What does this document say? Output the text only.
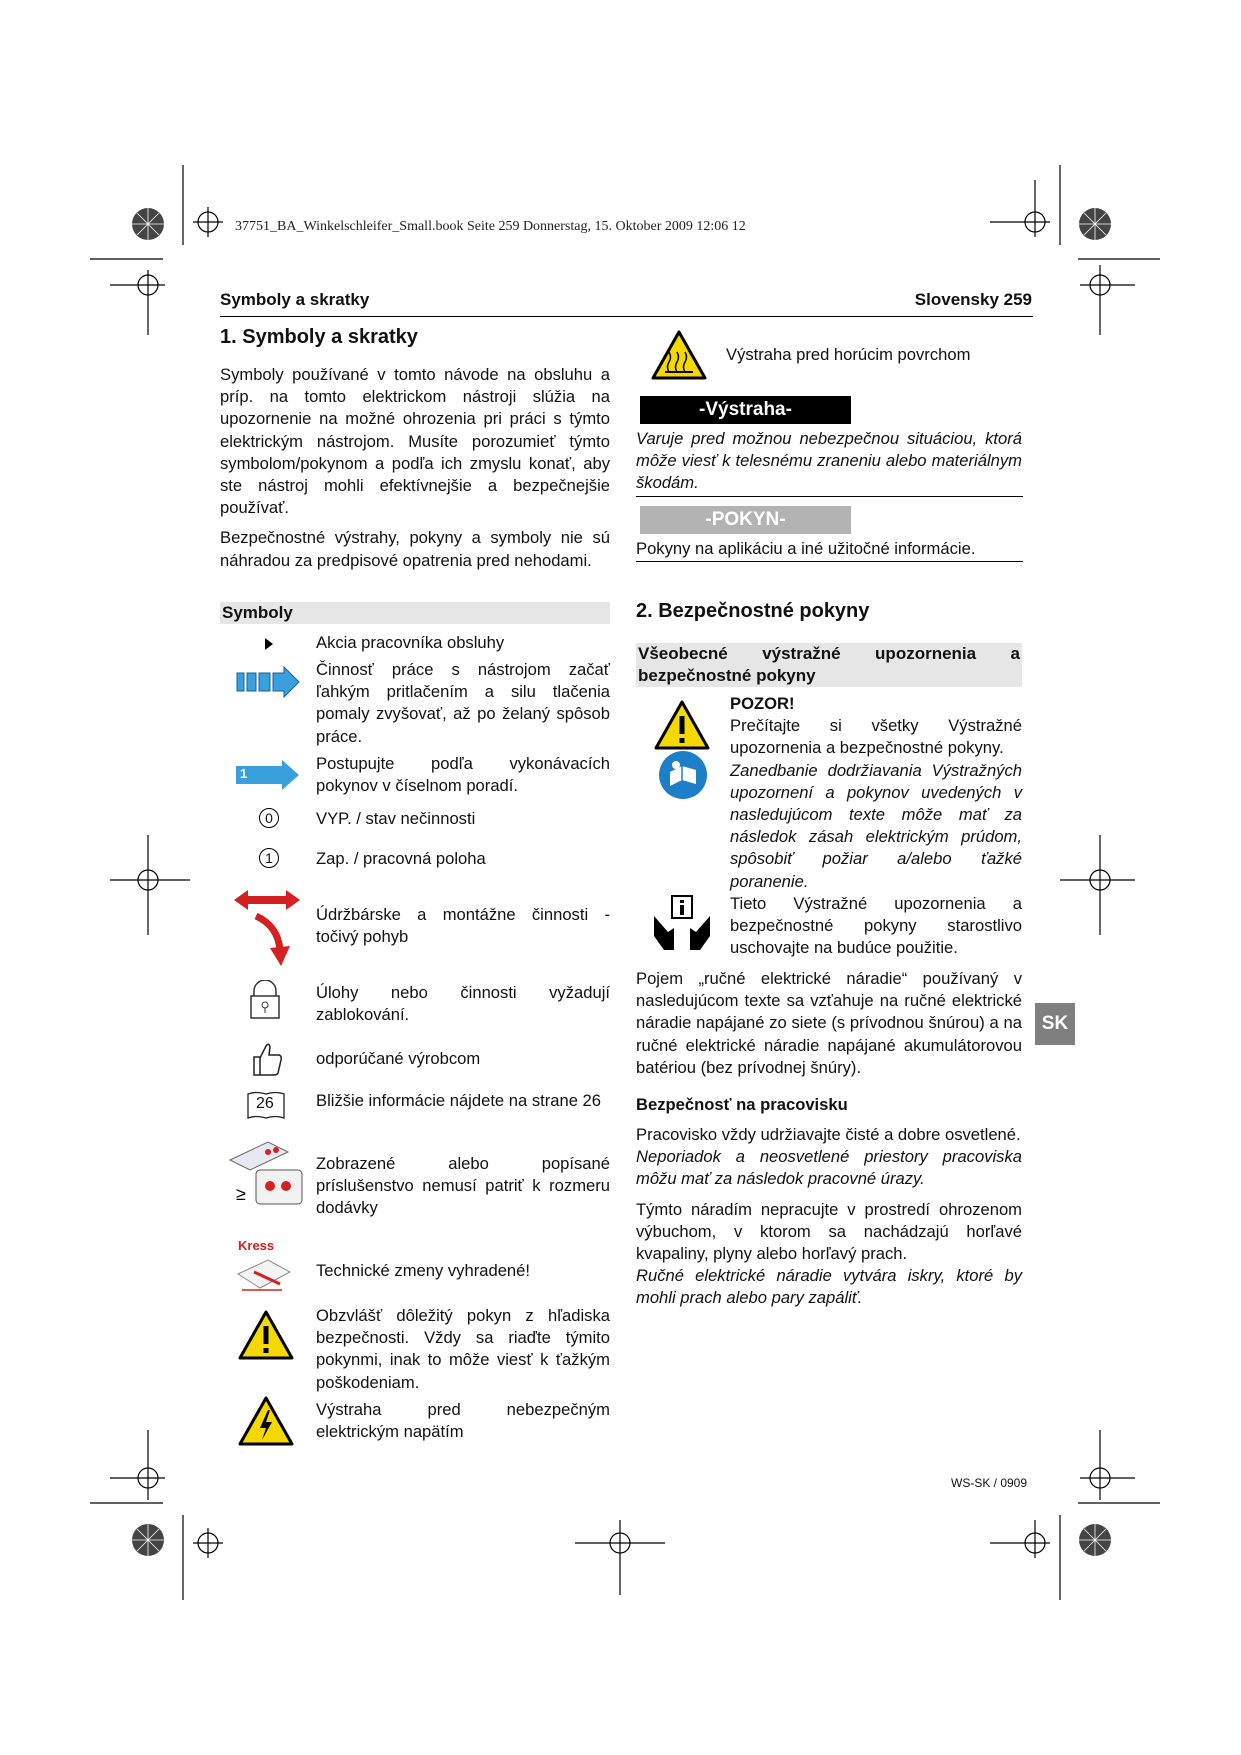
37751_BA_Winkelschleifer_Small.book Seite 259 Donnerstag, 15. Oktober 2009 12:06 12
Symboly a skratky	Slovensky 259
1. Symboly a skratky

Symboly používané v tomto návode na obsluhu a príp. na tomto elektrickom nástroji slúžia na upozornenie na možné ohrozenia pri práci s týmto elektrickým nástrojom. Musíte porozumieť týmto symbolom/pokynom a podľa ich zmyslu konať, aby ste nástroj mohli efektívnejšie a bezpečnejšie používať.

Bezpečnostné výstrahy, pokyny a symboly nie sú náhradou za predpisové opatrenia pred nehodami.

Symboly
Akcia pracovníka obsluhy
Činnosť práce s nástrojom začať ľahkým pritlačením a silu tlačenia pomaly zvyšovať, až po želaný spôsob práce.
1
Postupujte podľa vykonávacích pokynov v číselnom poradí.
0	VYP. / stav nečinnosti
1	Zap. / pracovná poloha
Údržbárske a montážne činnosti - točivý pohyb
Úlohy nebo činnosti vyžadují zablokování.
odporúčané výrobcom
26	Bližšie informácie nájdete na strane 26
≥
Zobrazené alebo popísané príslušenstvo nemusí patriť k rozmeru dodávky
Kress
Technické zmeny vyhradené!
Obzvlášť dôležitý pokyn z hľadiska bezpečnosti. Vždy sa riaďte týmito pokynmi, inak to môže viesť k ťažkým poškodeniam.
Výstraha pred nebezpečným elektrickým napätím
Výstraha pred horúcim povrchom
-Výstraha-
Varuje pred možnou nebezpečnou situáciou, ktorá môže viesť k telesnému zraneniu alebo materiálnym škodám.
-POKYN-
Pokyny na aplikáciu a iné užitočné informácie.
2. Bezpečnostné pokyny
Všeobecné výstražné upozornenia a bezpečnostné pokyny
POZOR!
Prečítajte si všetky Výstražné upozornenia a bezpečnostné pokyny.
Zanedbanie dodržiavania Výstražných upozornení a pokynov uvedených v nasledujúcom texte môže mať za následok zásah elektrickým prúdom, spôsobiť požiar a/alebo ťažké poranenie.
Tieto Výstražné upozornenia a bezpečnostné pokyny starostlivo uschovajte na budúce použitie.
Pojem „ručné elektrické náradie“ používaný v nasledujúcom texte sa vzťahuje na ručné elektrické náradie napájané zo siete (s prívodnou šnúrou) a na ručné elektrické náradie napájané akumulátorovou batériou (bez prívodnej šnúry).
Bezpečnosť na pracovisku
Pracovisko vždy udržiavajte čisté a dobre osvetlené.
Neporiadok a neosvetlené priestory pracoviska môžu mať za následok pracovné úrazy.
Týmto náradím nepracujte v prostredí ohrozenom výbuchom, v ktorom sa nachádzajú horľavé kvapaliny, plyny alebo horľavý prach.
Ručné elektrické náradie vytvára iskry, ktoré by mohli prach alebo pary zapáliť.
SK
WS-SK / 0909
